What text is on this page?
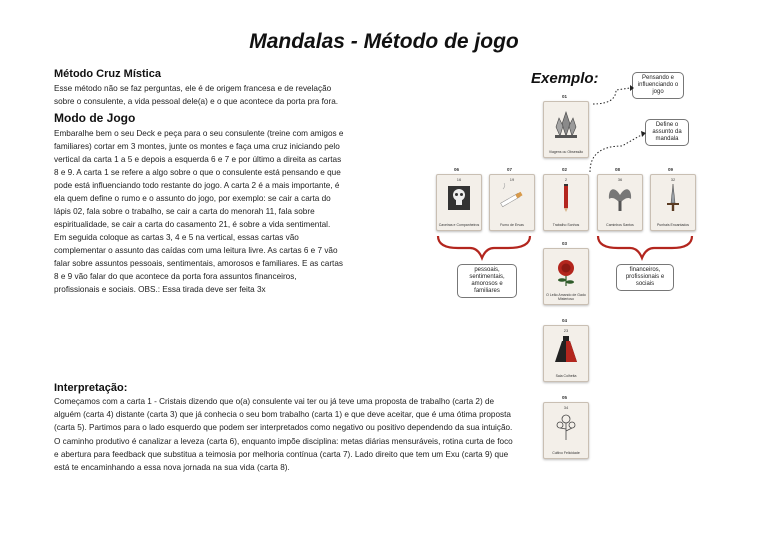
Mandalas - Método de jogo
Método Cruz Mística

Esse método não se faz perguntas, ele é de origem francesa e de revelação sobre o consulente, a vida pessoal dele(a) e o que acontece da porta pra fora.

Modo de Jogo

Embaralhe bem o seu Deck e peça para o seu consulente (treine com amigos e familiares) cortar em 3 montes, junte os montes e faça uma cruz iniciando pelo vertical da carta 1 a 5 e depois a esquerda 6 e 7 e por último a direita as cartas 8 e 9. A carta 1 se refere a algo sobre o que o consulente está pensando e que pode está influenciando todo restante do jogo. A carta 2 é a mais importante, é ela quem define o rumo e o assunto do jogo, por exemplo: se cair a carta do lápis 02, fala sobre o trabalho, se cair a carta do menorah 11, fala sobre espiritualidade, se cair a carta do casamento 21, é sobre a vida sentimental. Em seguida coloque as cartas 3, 4 e 5 na vertical, essas cartas vão complementar o assunto das caídas com uma leitura livre. As cartas 6 e 7 vão falar sobre assuntos pessoais, sentimentais, amorosos e familiares. E as cartas 8 e 9 vão falar do que acontece da porta fora assuntos financeiros, profissionais e sociais. OBS.: Essa tirada deve ser feita 3x

Interpretação:

Começamos com a carta 1 - Cristais dizendo que o(a) consulente vai ter ou já teve uma proposta de trabalho (carta 2) de alguém (carta 4) distante (carta 3) que já conhecia o seu bom trabalho (carta 1) e que deve aceitar, que é uma ótima proposta (carta 5). Partimos para o lado esquerdo que podem ser interpretados como negativo ou positivo dependendo da sua intuição. O caminho produtivo é canalizar a leveza (carta 6), enquanto impõe disciplina: metas diárias mensuráveis, rotina curta de foco e abertura para feedback que substitua a teimosia por melhoria contínua (carta 7). Lado direito que tem um Exu (carta 9) que está te encaminhando a essa nova jornada na sua vida (carta 8).

Exemplo:
01
02
03
04
05
06	07	08	09
Viagens ou Obsessão
2
Trabalho Sonhos
O Leão Amando de Gado Misterioso
23
Saia Colheita
34
Cultivo Felicidade
16
Caveiras e Companheiros
19
Fumo de Ervas
36
Caminhos Santos
32
Punhais Encantados
Pensando e influenciando o jogo
Define o assunto da mandala
pessoais, sentimentais, amorosos e familiares
financeiros, profissionais e sociais
